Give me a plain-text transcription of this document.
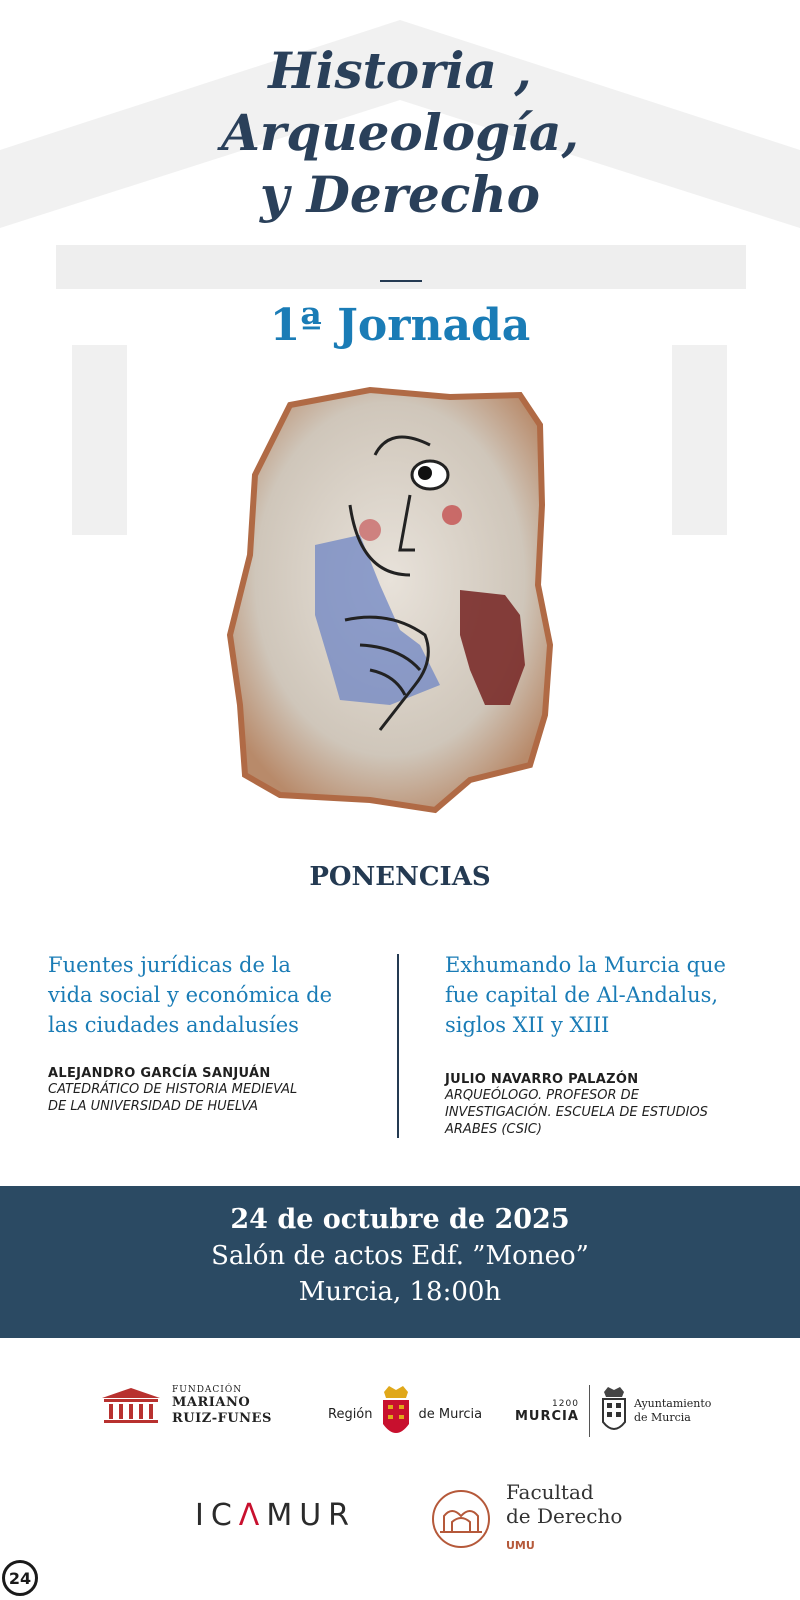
Historia ,
Arqueología,
y Derecho
1ª Jornada
PONENCIAS
Fuentes jurídicas de la
vida social y económica de
las ciudades andalusíes
ALEJANDRO GARCÍA SANJUÁN
CATEDRÁTICO DE HISTORIA MEDIEVAL
DE LA UNIVERSIDAD DE HUELVA
Exhumando la Murcia que
fue capital de Al-Andalus,
siglos XII y XIII
JULIO NAVARRO PALAZÓN
ARQUEÓLOGO. PROFESOR DE
INVESTIGACIÓN. ESCUELA DE ESTUDIOS
ARABES (CSIC)
24 de octubre de 2025
Salón de actos Edf. ”Moneo”
Murcia, 18:00h
FUNDACIÓN
MARIANO
RUIZ-FUNES	Región	de Murcia
1200
MURCIA
Ayuntamiento
de Murcia
ICΛMUR
Facultad
de Derecho
UMU
24
